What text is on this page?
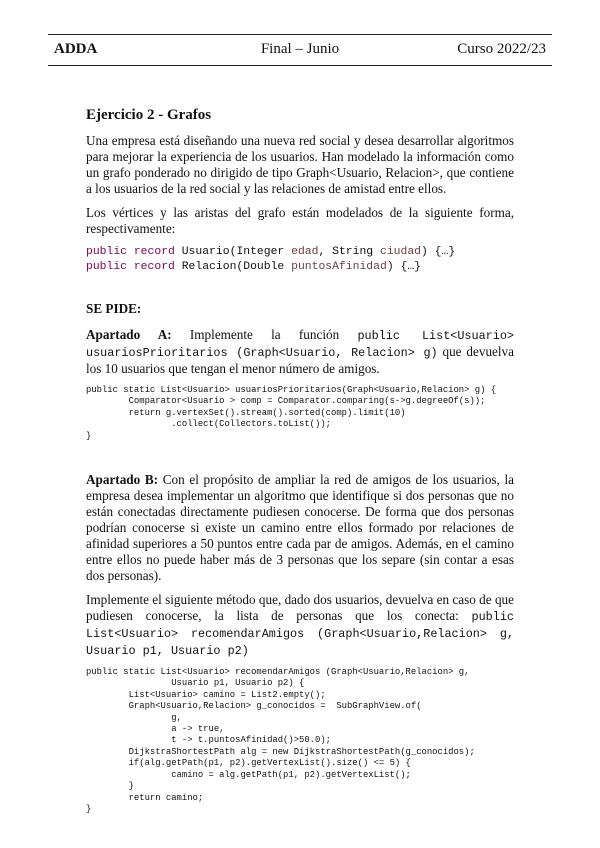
ADDA	Final – Junio	Curso 2022/23
Ejercicio 2 - Grafos

Una empresa está diseñando una nueva red social y desea desarrollar algoritmos para mejorar la experiencia de los usuarios. Han modelado la información como un grafo ponderado no dirigido de tipo Graph<Usuario, Relacion>, que contiene a los usuarios de la red social y las relaciones de amistad entre ellos.

Los vértices y las aristas del grafo están modelados de la siguiente forma, respectivamente:

public record Usuario(Integer edad, String ciudad) {…}
public record Relacion(Double puntosAfinidad) {…}
SE PIDE:

Apartado A: Implemente la función public List<Usuario> usuariosPrioritarios (Graph<Usuario, Relacion> g) que devuelva los 10 usuarios que tengan el menor número de amigos.

public static List<Usuario> usuariosPrioritarios(Graph<Usuario,Relacion> g) {
Comparator<Usuario > comp = Comparator.comparing(s->g.degreeOf(s));
return g.vertexSet().stream().sorted(comp).limit(10)
.collect(Collectors.toList());
}

Apartado B: Con el propósito de ampliar la red de amigos de los usuarios, la empresa desea implementar un algoritmo que identifique si dos personas que no están conectadas directamente pudiesen conocerse. De forma que dos personas podrían conocerse si existe un camino entre ellos formado por relaciones de afinidad superiores a 50 puntos entre cada par de amigos. Además, en el camino entre ellos no puede haber más de 3 personas que los separe (sin contar a esas dos personas).

Implemente el siguiente método que, dado dos usuarios, devuelva en caso de que pudiesen conocerse, la lista de personas que los conecta: public List<Usuario> recomendarAmigos (Graph<Usuario,Relacion> g, Usuario p1, Usuario p2)

public static List<Usuario> recomendarAmigos (Graph<Usuario,Relacion> g,
Usuario p1, Usuario p2) {
List<Usuario> camino = List2.empty();
Graph<Usuario,Relacion> g_conocidos =  SubGraphView.of(
g,
a -> true,
t -> t.puntosAfinidad()>50.0);
DijkstraShortestPath alg = new DijkstraShortestPath(g_conocidos);
if(alg.getPath(p1, p2).getVertexList().size() <= 5) {
camino = alg.getPath(p1, p2).getVertexList();
}
return camino;
}
